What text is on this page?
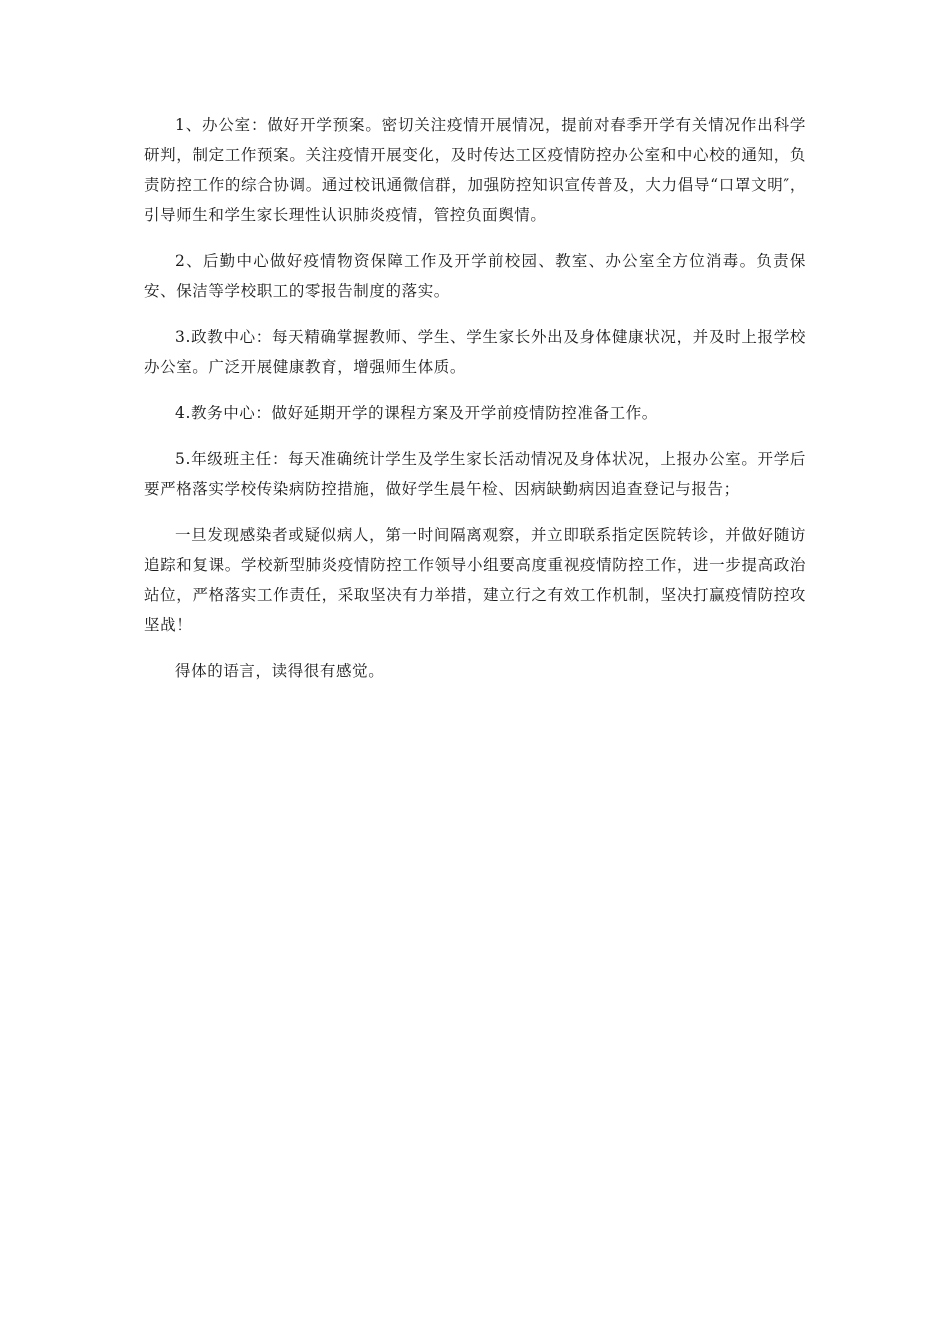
1、办公室：做好开学预案。密切关注疫情开展情况，提前对春季开学有关情况作出科学研判，制定工作预案。关注疫情开展变化，及时传达工区疫情防控办公室和中心校的通知，负责防控工作的综合协调。通过校讯通微信群，加强防控知识宣传普及，大力倡导“口罩文明″，引导师生和学生家长理性认识肺炎疫情，管控负面舆情。

2、后勤中心做好疫情物资保障工作及开学前校园、教室、办公室全方位消毒。负责保安、保洁等学校职工的零报告制度的落实。

3.政教中心：每天精确掌握教师、学生、学生家长外出及身体健康状况，并及时上报学校办公室。广泛开展健康教育，增强师生体质。

4.教务中心：做好延期开学的课程方案及开学前疫情防控准备工作。

5.年级班主任：每天准确统计学生及学生家长活动情况及身体状况，上报办公室。开学后要严格落实学校传染病防控措施，做好学生晨午检、因病缺勤病因追查登记与报告；

一旦发现感染者或疑似病人，第一时间隔离观察，并立即联系指定医院转诊，并做好随访追踪和复课。学校新型肺炎疫情防控工作领导小组要高度重视疫情防控工作，进一步提高政治站位，严格落实工作责任，采取坚决有力举措，建立行之有效工作机制，坚决打赢疫情防控攻坚战！

得体的语言，读得很有感觉。
